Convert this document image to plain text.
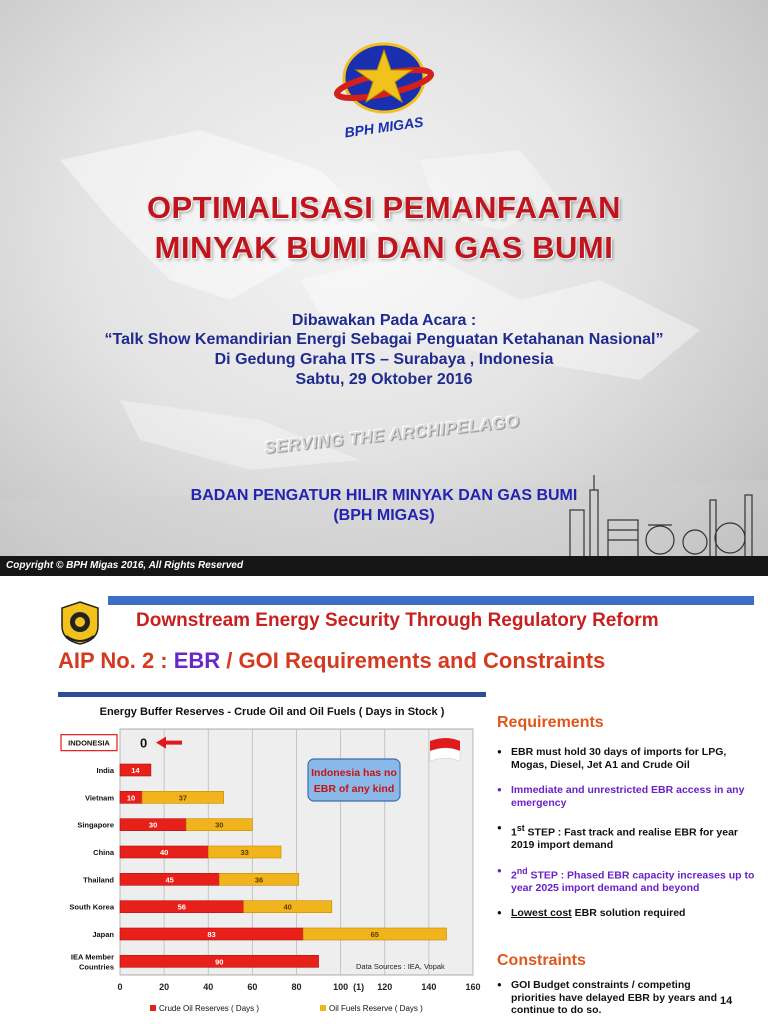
BPH MIGAS
OPTIMALISASI PEMANFAATAN
MINYAK BUMI DAN GAS BUMI
Dibawakan Pada Acara :
“Talk Show Kemandirian Energi Sebagai Penguatan Ketahanan Nasional”
Di Gedung Graha ITS – Surabaya , Indonesia
Sabtu, 29 Oktober 2016
SERVING THE ARCHIPELAGO
BADAN PENGATUR HILIR MINYAK DAN GAS BUMI
(BPH MIGAS)
Copyright © BPH Migas 2016, All Rights Reserved
Downstream Energy Security Through Regulatory Reform
AIP No. 2 : EBR / GOI Requirements and Constraints
Energy Buffer Reserves - Crude Oil and Oil Fuels ( Days in Stock )
0	20	40	60	80	100	120	140	160
(1)
INDONESIA 0
India 14
Vietnam 10	37
Singapore	30	30
China	40	33
Thailand	45	36
South Korea	56	40
Japan	83	65
IEA Member
Countries
90
Indonesia has no
EBR of any kind
Data Sources : IEA, Vopak
Crude Oil Reserves ( Days )	Oil Fuels Reserve ( Days )
Requirements
● EBR must hold 30 days of imports for LPG, Mogas, Diesel, Jet A1 and Crude Oil
● Immediate and unrestricted EBR access in any emergency
● 1st STEP : Fast track and realise EBR for year 2019 import demand
● 2nd STEP : Phased EBR capacity increases up to year 2025 import demand and beyond
● Lowest cost EBR solution required
Constraints
● GOI Budget constraints / competing priorities have delayed EBR by years and continue to do so.
14
